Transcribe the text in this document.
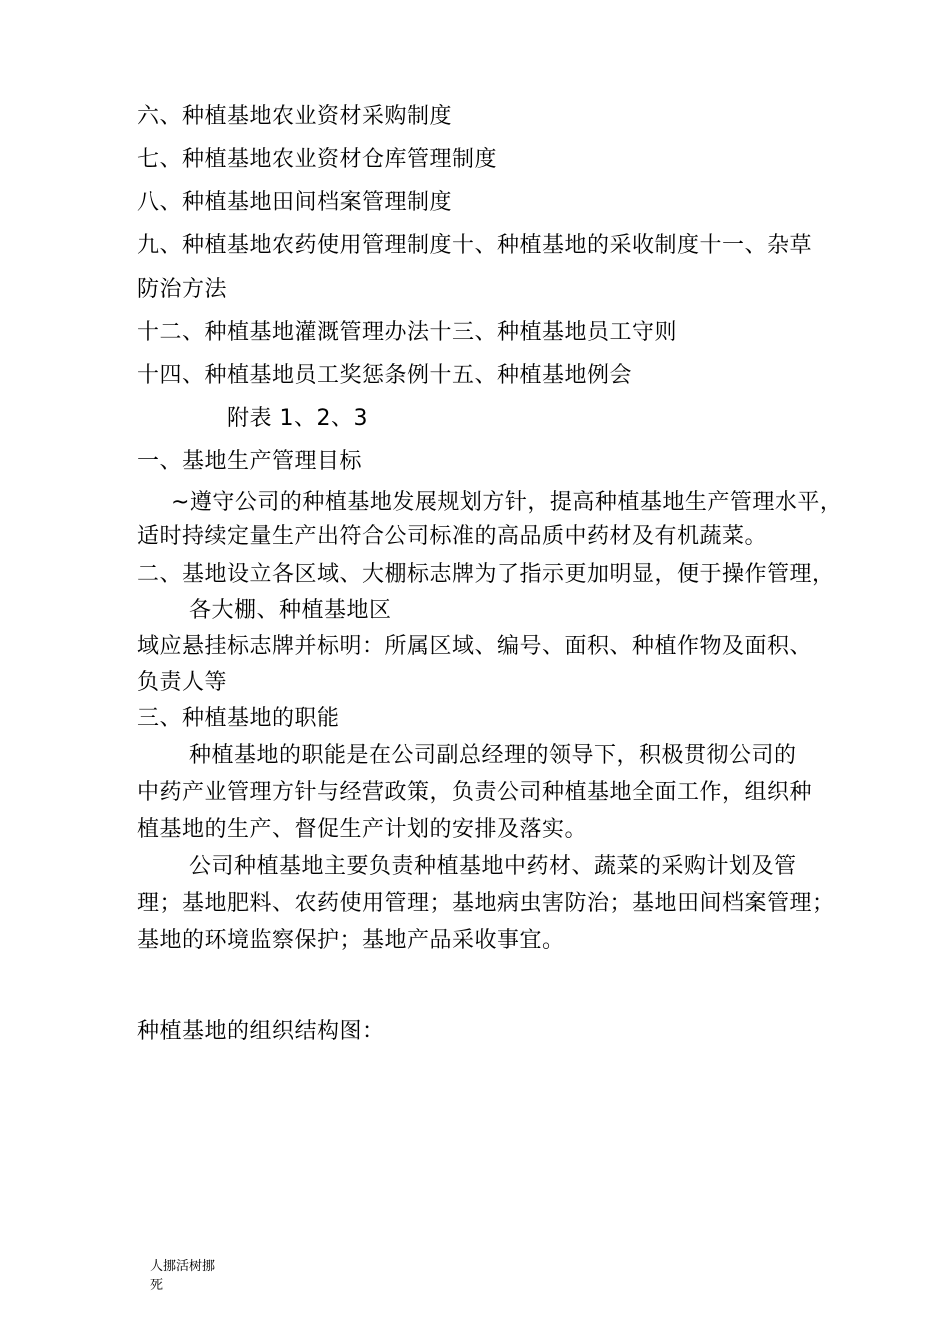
六、种植基地农业资材采购制度
七、种植基地农业资材仓库管理制度
八、种植基地田间档案管理制度
九、种植基地农药使用管理制度十、种植基地的采收制度十一、杂草
防治方法
十二、种植基地灌溉管理办法十三、种植基地员工守则
十四、种植基地员工奖惩条例十五、种植基地例会
附表 1、2、3
一、基地生产管理目标
~遵守公司的种植基地发展规划方针，提高种植基地生产管理水平，
适时持续定量生产出符合公司标准的高品质中药材及有机蔬菜。
二、基地设立各区域、大棚标志牌为了指示更加明显，便于操作管理，
各大棚、种植基地区
域应悬挂标志牌并标明：所属区域、编号、面积、种植作物及面积、
负责人等
三、种植基地的职能
种植基地的职能是在公司副总经理的领导下，积极贯彻公司的
中药产业管理方针与经营政策，负责公司种植基地全面工作，组织种
植基地的生产、督促生产计划的安排及落实。
公司种植基地主要负责种植基地中药材、蔬菜的采购计划及管
理；基地肥料、农药使用管理；基地病虫害防治；基地田间档案管理；
基地的环境监察保护；基地产品采收事宜。
种植基地的组织结构图：
人挪活树挪
死
